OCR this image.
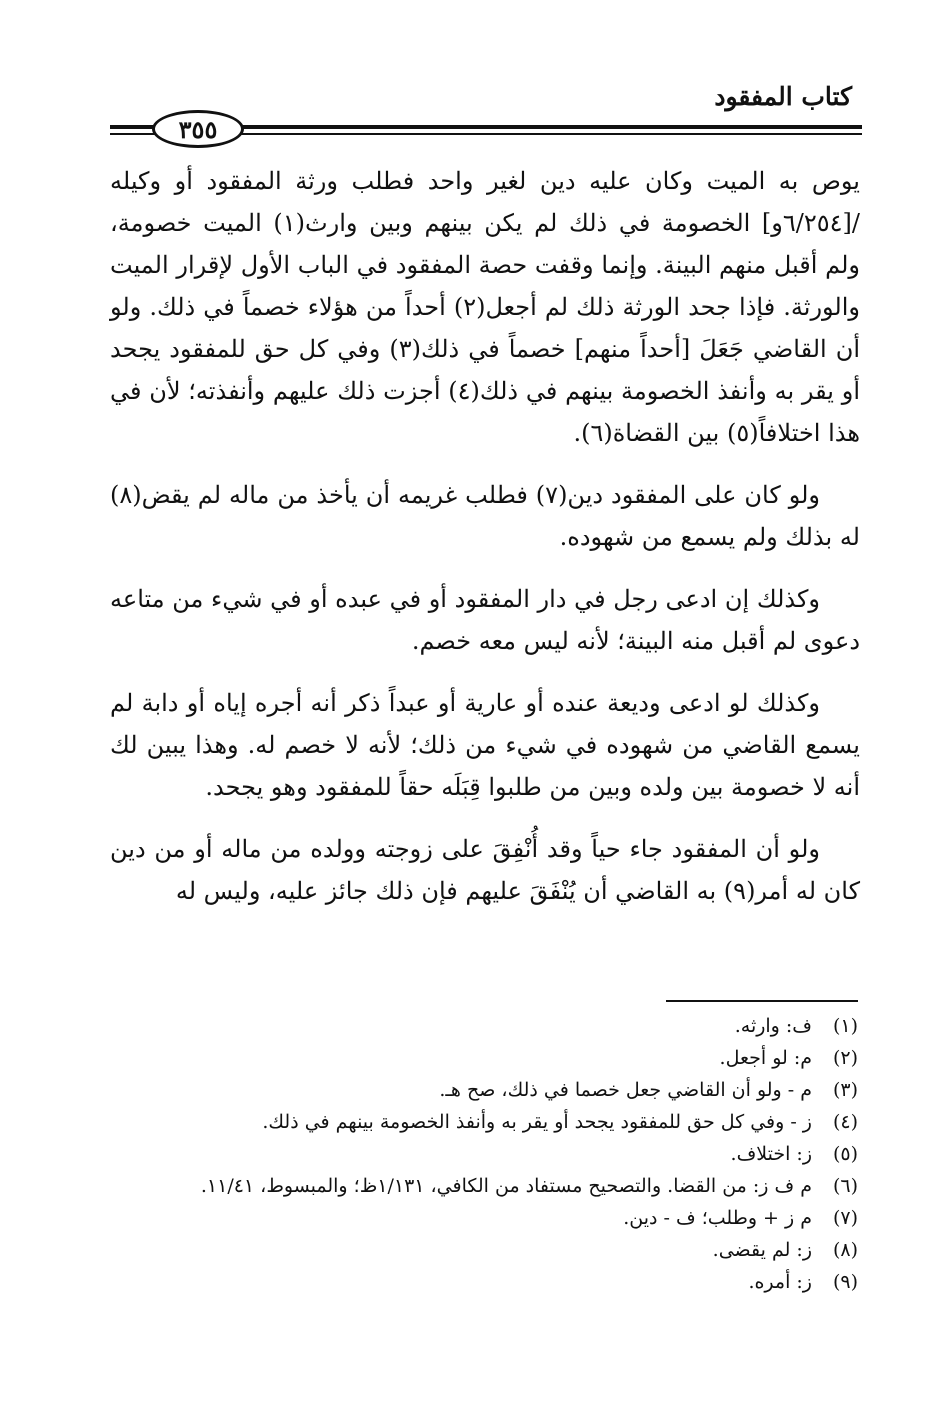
كتاب المفقود
٣٥٥

يوص به الميت وكان عليه دين لغير واحد فطلب ورثة المفقود أو وكيله /[٦/٢٥٤و] الخصومة في ذلك لم يكن بينهم وبين وارث(١) الميت خصومة، ولم أقبل منهم البينة. وإنما وقفت حصة المفقود في الباب الأول لإقرار الميت والورثة. فإذا جحد الورثة ذلك لم أجعل(٢) أحداً من هؤلاء خصماً في ذلك. ولو أن القاضي جَعَلَ [أحداً منهم] خصماً في ذلك(٣) وفي كل حق للمفقود يجحد أو يقر به وأنفذ الخصومة بينهم في ذلك(٤) أجزت ذلك عليهم وأنفذته؛ لأن في هذا اختلافاً(٥) بين القضاة(٦).

ولو كان على المفقود دين(٧) فطلب غريمه أن يأخذ من ماله لم يقض(٨) له بذلك ولم يسمع من شهوده.

وكذلك إن ادعى رجل في دار المفقود أو في عبده أو في شيء من متاعه دعوى لم أقبل منه البينة؛ لأنه ليس معه خصم.

وكذلك لو ادعى وديعة عنده أو عارية أو عبداً ذكر أنه أجره إياه أو دابة لم يسمع القاضي من شهوده في شيء من ذلك؛ لأنه لا خصم له. وهذا يبين لك أنه لا خصومة بين ولده وبين من طلبوا قِبَلَه حقاً للمفقود وهو يجحد.

ولو أن المفقود جاء حياً وقد أُنْفِقَ على زوجته وولده من ماله أو من دين كان له أمر(٩) به القاضي أن يُنْفَقَ عليهم فإن ذلك جائز عليه، وليس له

(١)
ف: وارثه.
(٢)
م: لو أجعل.
(٣)
م - ولو أن القاضي جعل خصما في ذلك، صح هـ.
(٤)
ز - وفي كل حق للمفقود يجحد أو يقر به وأنفذ الخصومة بينهم في ذلك.
(٥)
ز: اختلاف.
(٦)
م ف ز: من القضا. والتصحيح مستفاد من الكافي، ١/١٣١ظ؛ والمبسوط، ١١/٤١.
(٧)
م ز + وطلب؛ ف - دين.
(٨)
ز: لم يقضى.
(٩)
ز: أمره.
